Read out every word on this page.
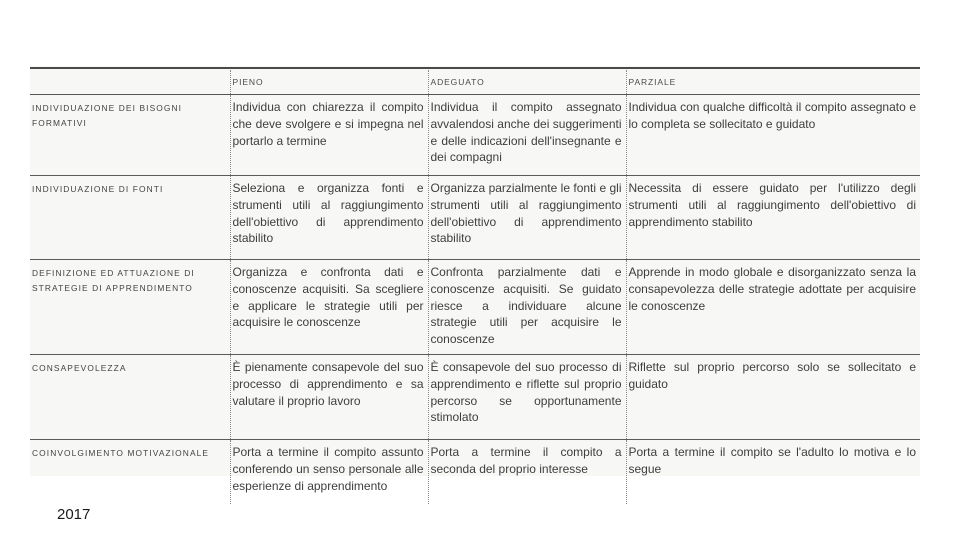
	PIENO	ADEGUATO	PARZIALE
INDIVIDUAZIONE DEI BISOGNI FORMATIVI	Individua con chiarezza il compito che deve svolgere e si impegna nel portarlo a termine	Individua il compito assegnato avvalendosi anche dei suggerimenti e delle indicazioni dell'insegnante e dei compagni	Individua con qualche difficoltà il compito assegnato e lo completa se sollecitato e guidato
INDIVIDUAZIONE DI FONTI	Seleziona e organizza fonti e strumenti utili al raggiungimento dell'obiettivo di apprendimento stabilito	Organizza parzialmente le fonti e gli strumenti utili al raggiungimento dell'obiettivo di apprendimento stabilito	Necessita di essere guidato per l'utilizzo degli strumenti utili al raggiungimento dell'obiettivo di apprendimento stabilito
DEFINIZIONE ED ATTUAZIONE DI STRATEGIE DI APPRENDIMENTO	Organizza e confronta dati e conoscenze acquisiti. Sa scegliere e applicare le strategie utili per acquisire le conoscenze	Confronta parzialmente dati e conoscenze acquisiti. Se guidato riesce a individuare alcune strategie utili per acquisire le conoscenze	Apprende in modo globale e disorganizzato senza la consapevolezza delle strategie adottate per acquisire le conoscenze
CONSAPEVOLEZZA	È pienamente consapevole del suo processo di apprendimento e sa valutare il proprio lavoro	È consapevole del suo processo di apprendimento e riflette sul proprio percorso se opportunamente stimolato	Riflette sul proprio percorso solo se sollecitato e guidato
COINVOLGIMENTO MOTIVAZIONALE	Porta a termine il compito assunto conferendo un senso personale alle esperienze di apprendimento	Porta a termine il compito a seconda del proprio interesse	Porta a termine il compito se l'adulto lo motiva e lo segue
2017
